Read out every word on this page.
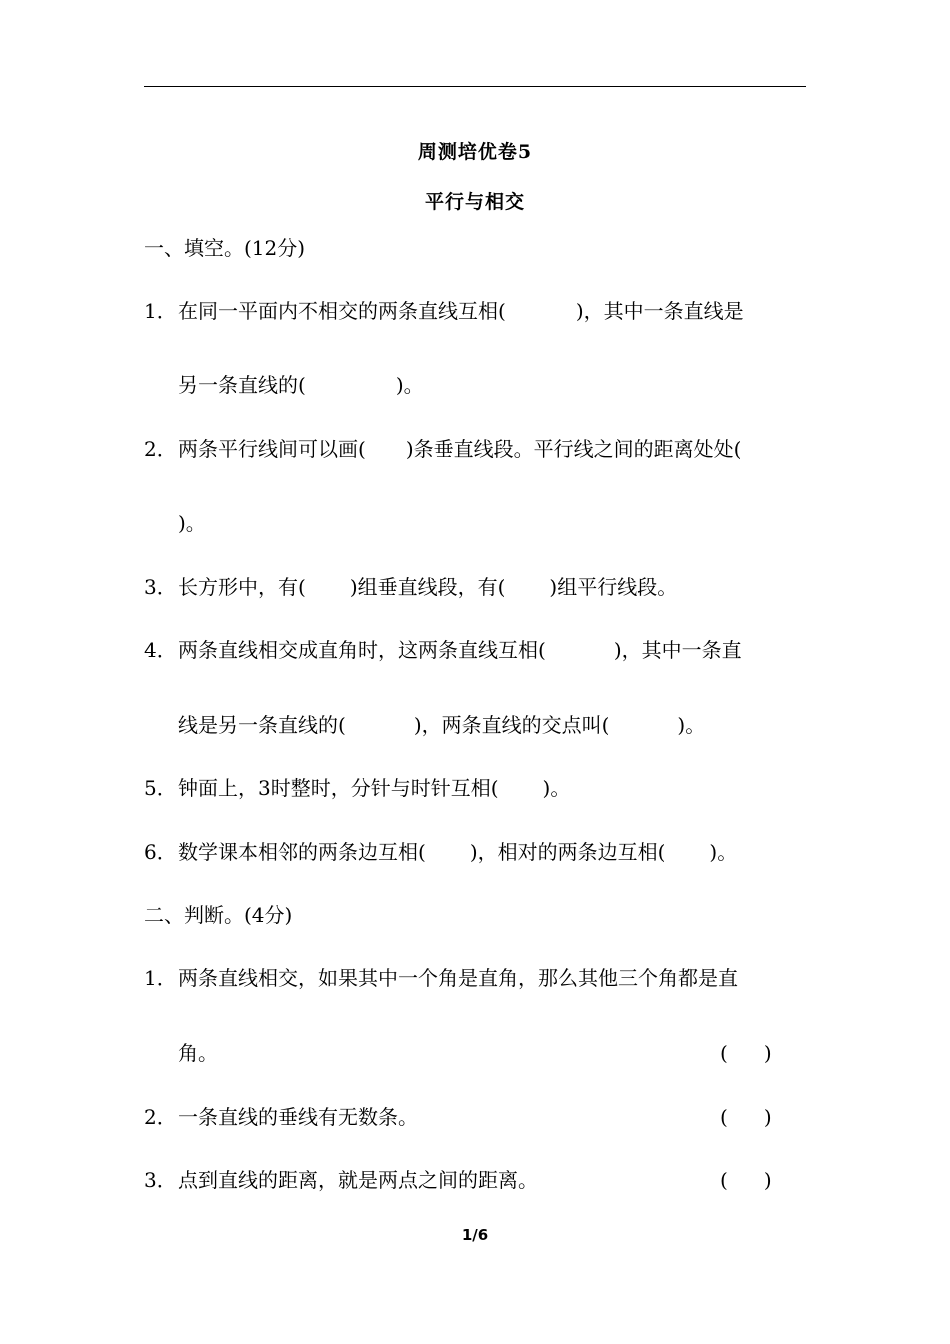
周测培优卷5
平行与相交
一、填空。(12分)
1．在同一平面内不相交的两条直线互相(	)，其中一条直线是
另一条直线的(	)。
2．两条平行线间可以画( )条垂直线段。平行线之间的距离处处(
)。
3．长方形中，有( )组垂直线段，有( )组平行线段。
4．两条直线相交成直角时，这两条直线互相(	)，其中一条直
线是另一条直线的(	)，两条直线的交点叫(	)。
5．钟面上，3时整时，分针与时针互相( )。
6．数学课本相邻的两条边互相( )，相对的两条边互相( )。
二、判断。(4分)
1．两条直线相交，如果其中一个角是直角，那么其他三个角都是直
角。	( )
2．一条直线的垂线有无数条。	( )
3．点到直线的距离，就是两点之间的距离。	( )
1/6
